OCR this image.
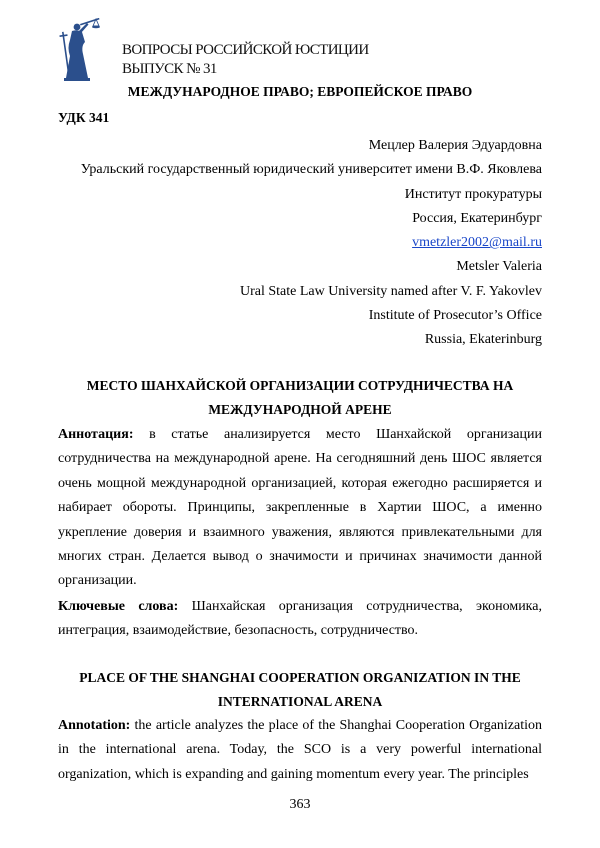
ВОПРОСЫ РОССИЙСКОЙ ЮСТИЦИИ
ВЫПУСК № 31
МЕЖДУНАРОДНОЕ ПРАВО; ЕВРОПЕЙСКОЕ ПРАВО
УДК 341
Мецлер Валерия Эдуардовна
Уральский государственный юридический университет имени В.Ф. Яковлева
Институт прокуратуры
Россия, Екатеринбург
vmetzler2002@mail.ru
Metsler Valeria
Ural State Law University named after V. F. Yakovlev
Institute of Prosecutor’s Office
Russia, Ekaterinburg
МЕСТО ШАНХАЙСКОЙ ОРГАНИЗАЦИИ СОТРУДНИЧЕСТВА НА
МЕЖДУНАРОДНОЙ АРЕНЕ
Аннотация: в статье анализируется место Шанхайской организации сотрудничества на международной арене. На сегодняшний день ШОС является очень мощной международной организацией, которая ежегодно расширяется и набирает обороты. Принципы, закрепленные в Хартии ШОС, а именно укрепление доверия и взаимного уважения, являются привлекательными для многих стран. Делается вывод о значимости и причинах значимости данной организации.
Ключевые слова: Шанхайская организация сотрудничества, экономика, интеграция, взаимодействие, безопасность, сотрудничество.
PLACE OF THE SHANGHAI COOPERATION ORGANIZATION IN THE
INTERNATIONAL ARENA
Annotation: the article analyzes the place of the Shanghai Cooperation Organization in the international arena. Today, the SCO is a very powerful international organization, which is expanding and gaining momentum every year. The principles
363
